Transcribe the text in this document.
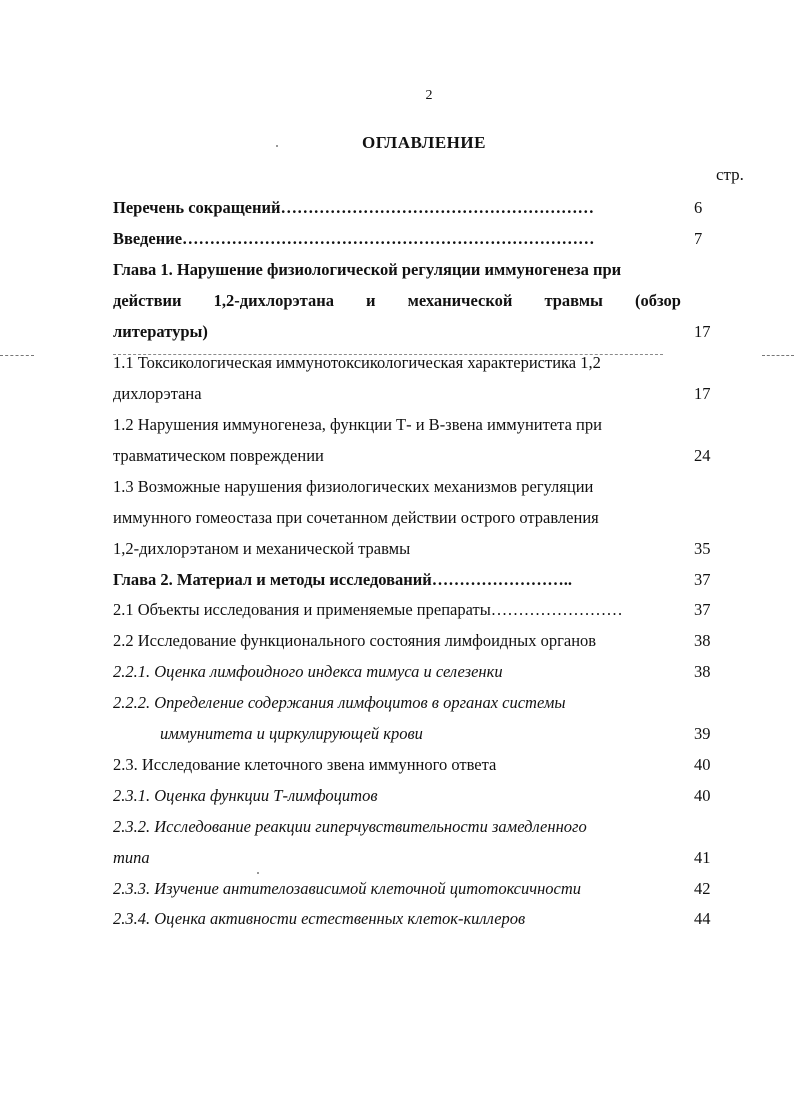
2
ОГЛАВЛЕНИЕ
стр.
Перечень сокращений…………………………………………………	6
Введение…………………………………………………………………	7
Глава 1. Нарушение физиологической регуляции иммуногенеза при
действии 1,2-дихлорэтана и механической травмы (обзор
литературы)	17
1.1 Токсикологическая иммунотоксикологическая характеристика 1,2
дихлорэтана	17
1.2 Нарушения иммуногенеза, функции Т- и В-звена иммунитета при
травматическом повреждении	24
1.3 Возможные нарушения физиологических механизмов регуляции
иммунного гомеостаза при сочетанном действии острого отравления
1,2-дихлорэтаном и механической травмы	35
Глава 2. Материал и методы исследований……………………..	37
2.1 Объекты исследования и применяемые препараты……………………	37
2.2 Исследование функционального состояния лимфоидных органов	38
2.2.1. Оценка лимфоидного индекса тимуса и селезенки	38
2.2.2. Определение содержания лимфоцитов в органах системы
иммунитета и циркулирующей крови	39
2.3. Исследование клеточного звена иммунного ответа	40
2.3.1. Оценка функции Т-лимфоцитов	40
2.3.2. Исследование реакции гиперчувствительности замедленного
типа	41
2.3.3. Изучение антителозависимой клеточной цитотоксичности	42
2.3.4. Оценка активности естественных клеток-киллеров	44
